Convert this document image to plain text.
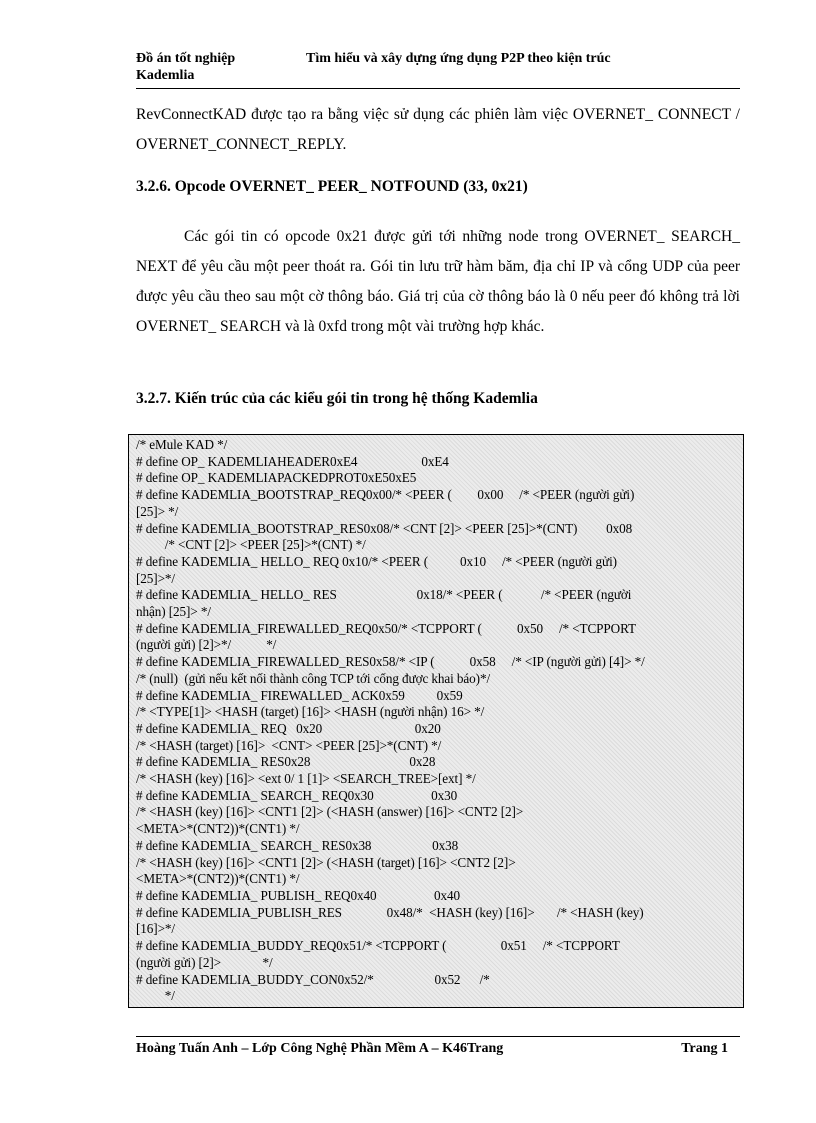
Đồ án tốt nghiệp	Tìm hiểu và xây dựng ứng dụng P2P theo kiện trúc
Kademlia
RevConnectKAD được tạo ra bằng việc sử dụng các phiên làm việc OVERNET_ CONNECT / OVERNET_CONNECT_REPLY.
3.2.6. Opcode OVERNET_ PEER_ NOTFOUND (33, 0x21)
Các gói tin có opcode 0x21 được gửi tới những node trong OVERNET_ SEARCH_ NEXT để yêu cầu một peer thoát ra. Gói tin lưu trữ hàm băm, địa chỉ IP và cổng UDP của peer được yêu cầu theo sau một cờ thông báo. Giá trị của cờ thông báo là 0 nếu peer đó không trả lời OVERNET_ SEARCH và là 0xfd trong một vài trường hợp khác.
3.2.7. Kiến trúc của các kiểu gói tin trong hệ thống Kademlia
/* eMule KAD */
# define OP_ KADEMLIAHEADER0xE4                    0xE4
# define OP_ KADEMLIAPACKEDPROT0xE50xE5
# define KADEMLIA_BOOTSTRAP_REQ0x00/* <PEER (        0x00     /* <PEER (người gửi)
[25]> */
# define KADEMLIA_BOOTSTRAP_RES0x08/* <CNT [2]> <PEER [25]>*(CNT)         0x08
/* <CNT [2]> <PEER [25]>*(CNT) */
# define KADEMLIA_ HELLO_ REQ 0x10/* <PEER (          0x10     /* <PEER (người gửi)
[25]>*/
# define KADEMLIA_ HELLO_ RES                         0x18/* <PEER (            /* <PEER (người
nhận) [25]> */
# define KADEMLIA_FIREWALLED_REQ0x50/* <TCPPORT (           0x50     /* <TCPPORT
(người gửi) [2]>*/           */
# define KADEMLIA_FIREWALLED_RES0x58/* <IP (           0x58     /* <IP (người gửi) [4]> */
/* (null)  (gửi nếu kết nối thành công TCP tới cổng được khai báo)*/
# define KADEMLIA_ FIREWALLED_ ACK0x59          0x59
/* <TYPE[1]> <HASH (target) [16]> <HASH (người nhận) 16> */
# define KADEMLIA_ REQ   0x20                             0x20
/* <HASH (target) [16]>  <CNT> <PEER [25]>*(CNT) */
# define KADEMLIA_ RES0x28                               0x28
/* <HASH (key) [16]> <ext 0/ 1 [1]> <SEARCH_TREE>[ext] */
# define KADEMLIA_ SEARCH_ REQ0x30                  0x30
/* <HASH (key) [16]> <CNT1 [2]> (<HASH (answer) [16]> <CNT2 [2]>
<META>*(CNT2))*(CNT1) */
# define KADEMLIA_ SEARCH_ RES0x38                   0x38
/* <HASH (key) [16]> <CNT1 [2]> (<HASH (target) [16]> <CNT2 [2]>
<META>*(CNT2))*(CNT1) */
# define KADEMLIA_ PUBLISH_ REQ0x40                  0x40
# define KADEMLIA_PUBLISH_RES              0x48/*  <HASH (key) [16]>       /* <HASH (key)
[16]>*/
# define KADEMLIA_BUDDY_REQ0x51/* <TCPPORT (                 0x51     /* <TCPPORT
(người gửi) [2]>             */
# define KADEMLIA_BUDDY_CON0x52/*                   0x52      /*
*/
Hoàng Tuấn Anh – Lớp Công Nghệ Phần Mềm A – K46Trang	Trang 1
